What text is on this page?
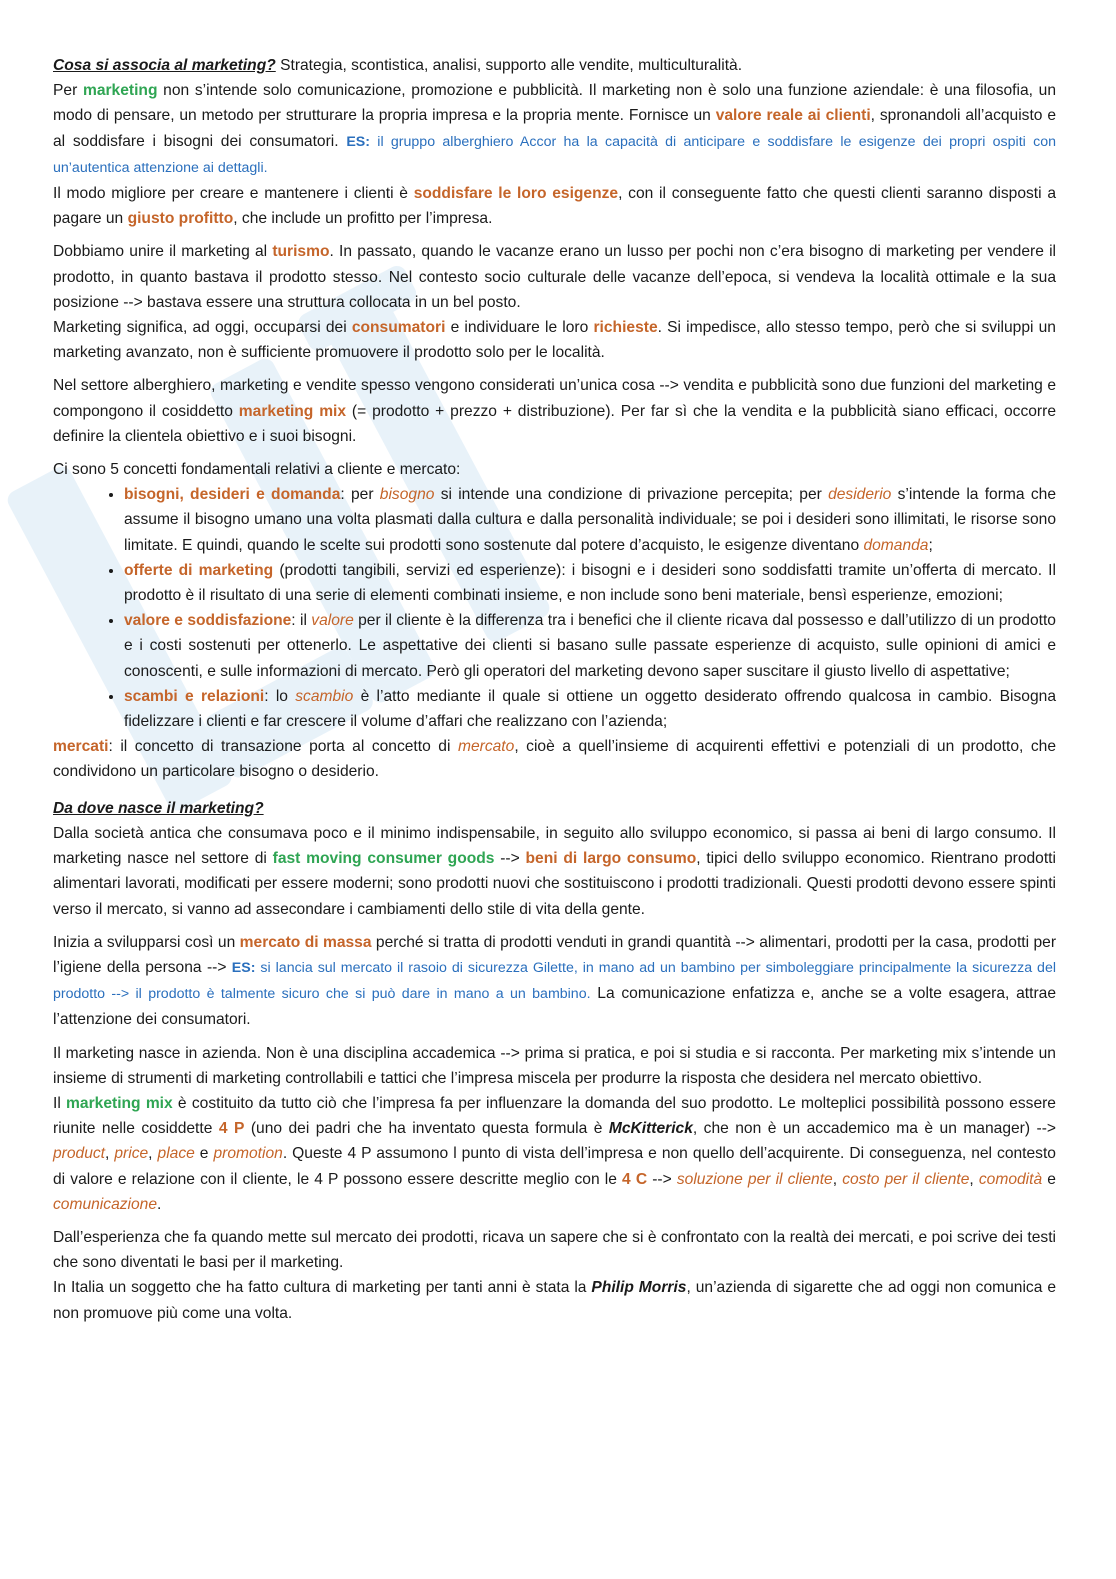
Cosa si associa al marketing? Strategia, scontistica, analisi, supporto alle vendite, multiculturalità.
Per marketing non s’intende solo comunicazione, promozione e pubblicità. Il marketing non è solo una funzione aziendale: è una filosofia, un modo di pensare, un metodo per strutturare la propria impresa e la propria mente. Fornisce un valore reale ai clienti, spronandoli all’acquisto e al soddisfare i bisogni dei consumatori. ES: il gruppo alberghiero Accor ha la capacità di anticipare e soddisfare le esigenze dei propri ospiti con un’autentica attenzione ai dettagli.
Il modo migliore per creare e mantenere i clienti è soddisfare le loro esigenze, con il conseguente fatto che questi clienti saranno disposti a pagare un giusto profitto, che include un profitto per l’impresa.

Dobbiamo unire il marketing al turismo. In passato, quando le vacanze erano un lusso per pochi non c’era bisogno di marketing per vendere il prodotto, in quanto bastava il prodotto stesso. Nel contesto socio culturale delle vacanze dell’epoca, si vendeva la località ottimale e la sua posizione --> bastava essere una struttura collocata in un bel posto.
Marketing significa, ad oggi, occuparsi dei consumatori e individuare le loro richieste. Si impedisce, allo stesso tempo, però che si sviluppi un marketing avanzato, non è sufficiente promuovere il prodotto solo per le località.

Nel settore alberghiero, marketing e vendite spesso vengono considerati un’unica cosa --> vendita e pubblicità sono due funzioni del marketing e compongono il cosiddetto marketing mix (= prodotto + prezzo + distribuzione). Per far sì che la vendita e la pubblicità siano efficaci, occorre definire la clientela obiettivo e i suoi bisogni.

Ci sono 5 concetti fondamentali relativi a cliente e mercato:

• bisogni, desideri e domanda: per bisogno si intende una condizione di privazione percepita; per desiderio s’intende la forma che assume il bisogno umano una volta plasmati dalla cultura e dalla personalità individuale; se poi i desideri sono illimitati, le risorse sono limitate. E quindi, quando le scelte sui prodotti sono sostenute dal potere d’acquisto, le esigenze diventano domanda;
• offerte di marketing (prodotti tangibili, servizi ed esperienze): i bisogni e i desideri sono soddisfatti tramite un’offerta di mercato. Il prodotto è il risultato di una serie di elementi combinati insieme, e non include sono beni materiale, bensì esperienze, emozioni;
• valore e soddisfazione: il valore per il cliente è la differenza tra i benefici che il cliente ricava dal possesso e dall’utilizzo di un prodotto e i costi sostenuti per ottenerlo. Le aspettative dei clienti si basano sulle passate esperienze di acquisto, sulle opinioni di amici e conoscenti, e sulle informazioni di mercato. Però gli operatori del marketing devono saper suscitare il giusto livello di aspettative;
• scambi e relazioni: lo scambio è l’atto mediante il quale si ottiene un oggetto desiderato offrendo qualcosa in cambio. Bisogna fidelizzare i clienti e far crescere il volume d’affari che realizzano con l’azienda;

mercati: il concetto di transazione porta al concetto di mercato, cioè a quell’insieme di acquirenti effettivi e potenziali di un prodotto, che condividono un particolare bisogno o desiderio.

Da dove nasce il marketing?
Dalla società antica che consumava poco e il minimo indispensabile, in seguito allo sviluppo economico, si passa ai beni di largo consumo. Il marketing nasce nel settore di fast moving consumer goods --> beni di largo consumo, tipici dello sviluppo economico. Rientrano prodotti alimentari lavorati, modificati per essere moderni; sono prodotti nuovi che sostituiscono i prodotti tradizionali. Questi prodotti devono essere spinti verso il mercato, si vanno ad assecondare i cambiamenti dello stile di vita della gente.

Inizia a svilupparsi così un mercato di massa perché si tratta di prodotti venduti in grandi quantità --> alimentari, prodotti per la casa, prodotti per l’igiene della persona --> ES: si lancia sul mercato il rasoio di sicurezza Gilette, in mano ad un bambino per simboleggiare principalmente la sicurezza del prodotto --> il prodotto è talmente sicuro che si può dare in mano a un bambino. La comunicazione enfatizza e, anche se a volte esagera, attrae l’attenzione dei consumatori.

Il marketing nasce in azienda. Non è una disciplina accademica --> prima si pratica, e poi si studia e si racconta. Per marketing mix s’intende un insieme di strumenti di marketing controllabili e tattici che l’impresa miscela per produrre la risposta che desidera nel mercato obiettivo.
Il marketing mix è costituito da tutto ciò che l’impresa fa per influenzare la domanda del suo prodotto. Le molteplici possibilità possono essere riunite nelle cosiddette 4 P (uno dei padri che ha inventato questa formula è McKitterick, che non è un accademico ma è un manager) --> product, price, place e promotion. Queste 4 P assumono l punto di vista dell’impresa e non quello dell’acquirente. Di conseguenza, nel contesto di valore e relazione con il cliente, le 4 P possono essere descritte meglio con le 4 C --> soluzione per il cliente, costo per il cliente, comodità e comunicazione.

Dall’esperienza che fa quando mette sul mercato dei prodotti, ricava un sapere che si è confrontato con la realtà dei mercati, e poi scrive dei testi che sono diventati le basi per il marketing.
In Italia un soggetto che ha fatto cultura di marketing per tanti anni è stata la Philip Morris, un’azienda di sigarette che ad oggi non comunica e non promuove più come una volta.
